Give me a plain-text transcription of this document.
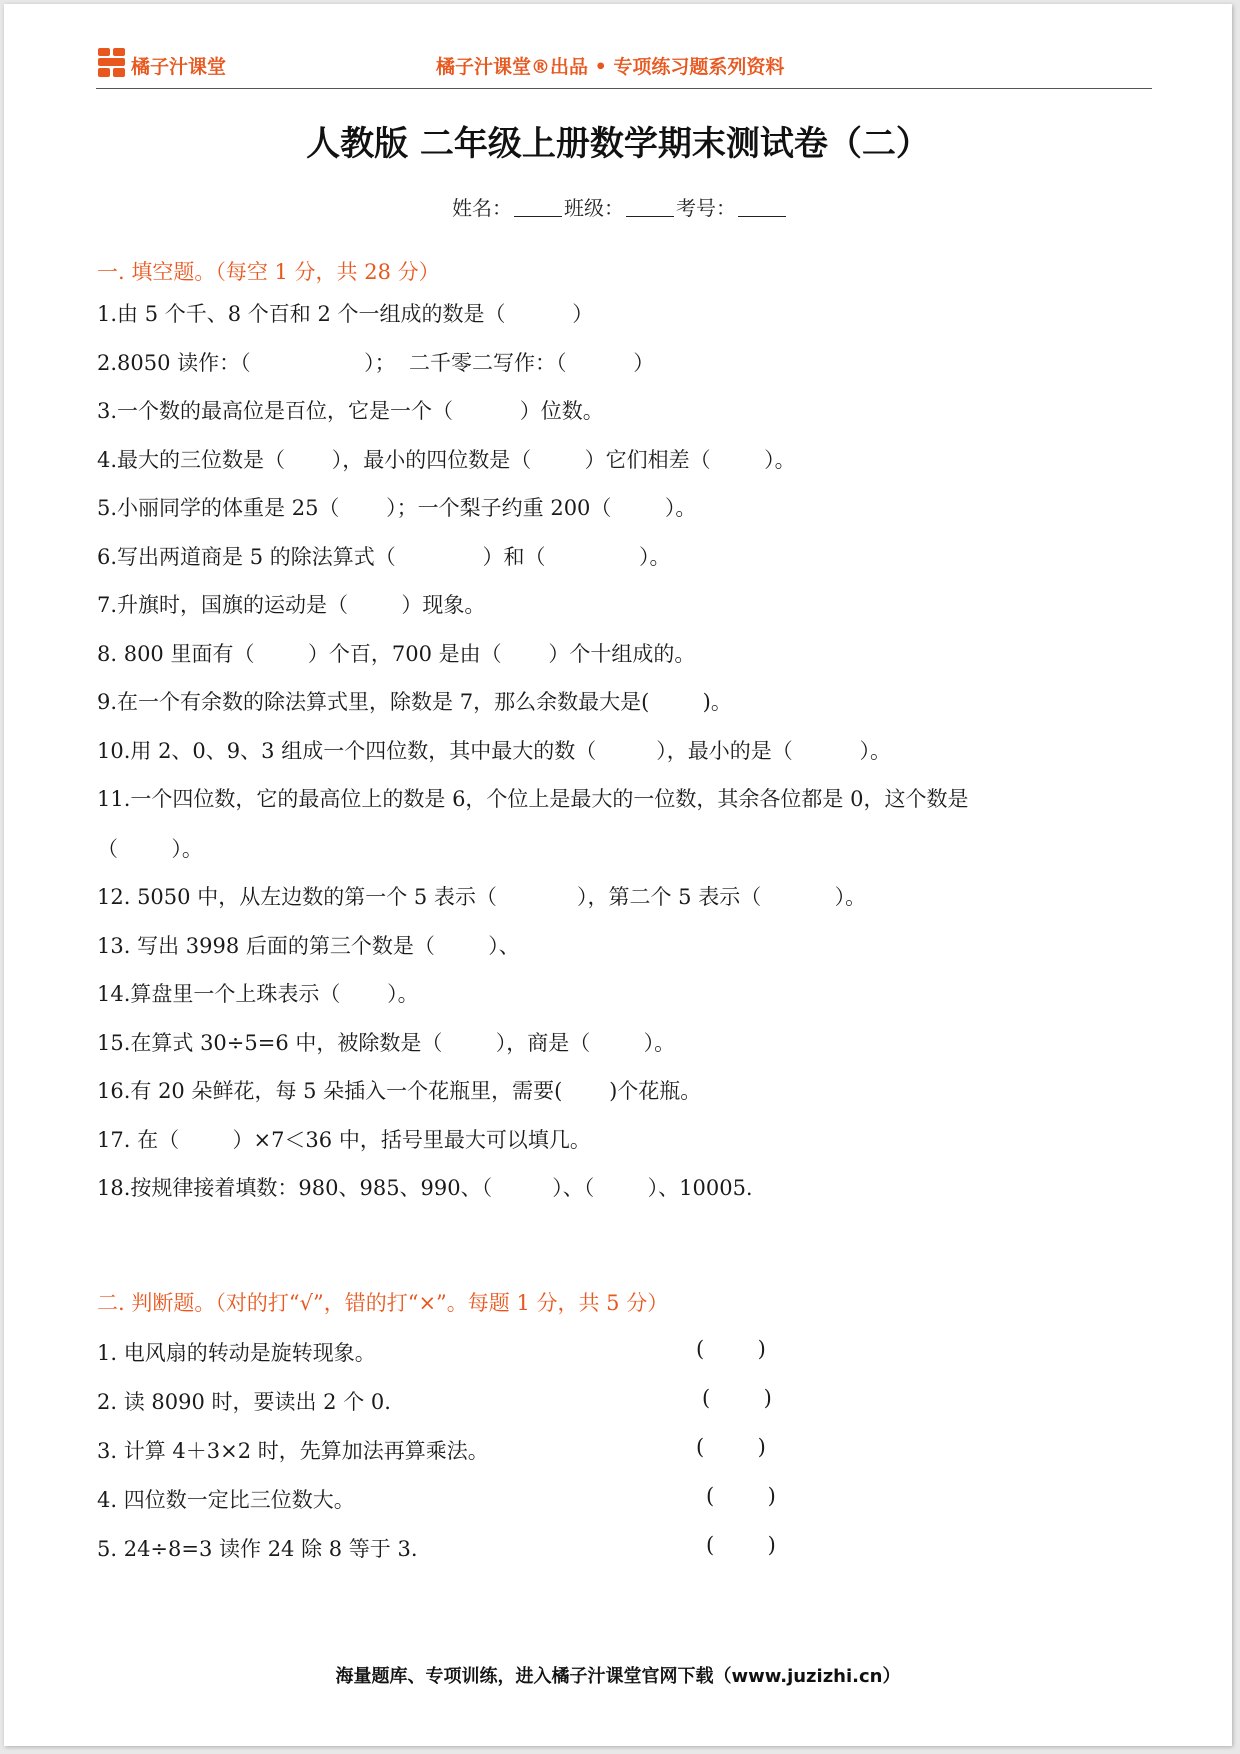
橘子汁课堂	橘子汁课堂®出品 • 专项练习题系列资料
人教版 二年级上册数学期末测试卷（二）
姓名：	班级：	考号：
一. 填空题。（每空 1 分，共 28 分）
1.由 5 个千、8 个百和 2 个一组成的数是（          ）
2.8050 读作：（                 ）；  二千零二写作：（          ）
3.一个数的最高位是百位，它是一个（          ）位数。
4.最大的三位数是（       ），最小的四位数是（        ）它们相差（        ）。
5.小丽同学的体重是 25（       ）；一个梨子约重 200（        ）。
6.写出两道商是 5 的除法算式（             ）和（              ）。
7.升旗时，国旗的运动是（        ）现象。
8. 800 里面有（        ）个百，700 是由（       ）个十组成的。
9.在一个有余数的除法算式里，除数是 7，那么余数最大是(        )。
10.用 2、0、9、3 组成一个四位数，其中最大的数（         ），最小的是（          ）。
11.一个四位数，它的最高位上的数是 6，个位上是最大的一位数，其余各位都是 0，这个数是
（        ）。
12. 5050 中，从左边数的第一个 5 表示（            ），第二个 5 表示（           ）。
13. 写出 3998 后面的第三个数是（        ）、
14.算盘里一个上珠表示（       ）。
15.在算式 30÷5=6 中，被除数是（        ），商是（        ）。
16.有 20 朵鲜花，每 5 朵插入一个花瓶里，需要(       )个花瓶。
17. 在（        ）×7＜36 中，括号里最大可以填几。
18.按规律接着填数：980、985、990、（         ）、（        ）、10005.
二. 判断题。（对的打“√”，错的打“×”。每题 1 分，共 5 分）
1. 电风扇的转动是旋转现象。	(        )
2. 读 8090 时，要读出 2 个 0.	(        )
3. 计算 4＋3×2 时，先算加法再算乘法。	(        )
4. 四位数一定比三位数大。	(        )
5. 24÷8=3 读作 24 除 8 等于 3.	(        )
海量题库、专项训练，进入橘子汁课堂官网下载（www.juzizhi.cn）
